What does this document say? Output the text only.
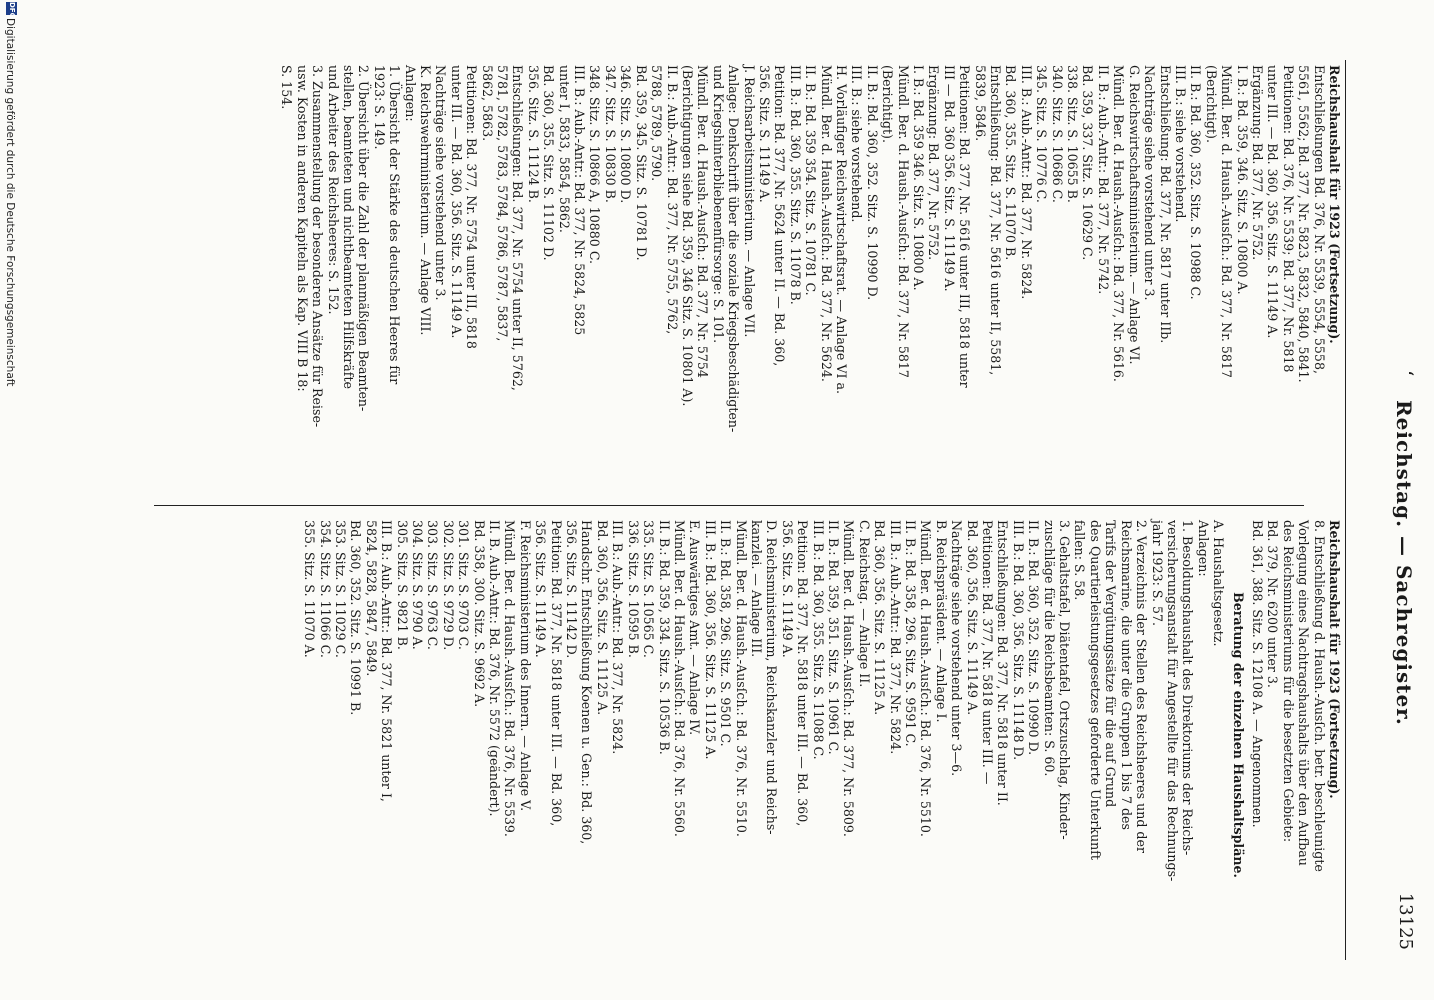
‘
Reichstag. — Sachregister.
13125

Reichshaushalt für 1923 (Fortsetzung).

Entschließungen Bd. 376, Nr. 5539, 5554, 5558,

5561, 5562; Bd. 377, Nr. 5823, 5832, 5840, 5841.

Petitionen: Bd. 376, Nr. 5539; Bd. 377, Nr. 5818

unter III. — Bd. 360, 356. Sitz. S. 11149 A.

Ergänzung: Bd. 377, Nr. 5752.

I. B.: Bd. 359, 346. Sitz. S. 10800 A.

Mündl. Ber. d. Haush.-Ausſch.: Bd. 377, Nr. 5817

(Berichtigt).

II. B.: Bd. 360, 352. Sitz. S. 10988 C.

III. B.: siehe vorstehend.

Entschließung: Bd. 377, Nr. 5817 unter IIb.

Nachträge siehe vorstehend unter 3.

G. Reichswirtschaftsministerium. — Anlage VI.

Mündl. Ber. d. Haush.-Ausſch.: Bd. 377, Nr. 5616.

II. B.: Aub.-Antr.: Bd. 377, Nr. 5742.

Bd. 359, 337. Sitz. S. 10629 C.

338. Sitz. S. 10655 B.

340. Sitz. S. 10686 C.

345. Sitz. S. 10776 C.

III. B.: Aub.-Antr.: Bd. 377, Nr. 5824.

Bd. 360, 355. Sitz. S. 11070 B.

Entschließung: Bd. 377, Nr. 5616 unter II, 5581,

5839, 5846.

Petitionen: Bd. 377, Nr. 5616 unter III, 5818 unter

III — Bd. 360 356. Sitz. S. 11149 A.

Ergänzung: Bd. 377, Nr. 5752.

I. B.: Bd. 359 346. Sitz. S. 10800 A.

Mündl. Ber. d. Haush.-Ausſch.: Bd. 377, Nr. 5817

(Berichtigt).

II. B.: Bd. 360, 352. Sitz. S. 10990 D.

III. B.: siehe vorstehend.

H. Vorläufiger Reichswirtschaftsrat. — Anlage VI a.

Mündl. Ber. d. Haush.-Ausſch.: Bd. 377, Nr. 5624.

II. B.: Bd. 359 354. Sitz. S. 10781 C.

III. B.: Bd. 360, 355. Sitz. S. 11078 B.

Petition: Bd. 377, Nr. 5624 unter II. — Bd. 360,

356. Sitz. S. 11149 A.

J. Reichsarbeitsministerium. — Anlage VII.

Anlage: Denkschrift über die soziale Kriegsbeschädigten-

und Kriegshinterbliebenenfürsorge: S. 101.

Mündl. Ber. d. Haush.-Ausſch.: Bd. 377, Nr. 5754

(Berichtigungen siehe Bd. 359, 346 Sitz. S. 10801 A).

II. B.: Aub.-Antr.: Bd. 377, Nr. 5755, 5762,

5788, 5789, 5790.

Bd. 359, 345. Sitz. S. 10781 D.

346. Sitz. S. 10800 D.

347. Sitz. S. 10830 B.

348. Sitz. S. 10866 A, 10880 C.

III. B.: Aub.-Antr.: Bd. 377, Nr. 5824, 5825

unter I, 5833, 5854, 5862.

Bd. 360, 355. Sitz. S. 11102 D.

356. Sitz. S. 11124 B.

Entschließungen: Bd. 377, Nr. 5754 unter II, 5762,

5781, 5782, 5783, 5784, 5786, 5787, 5837,

5862, 5863.

Petitionen: Bd. 377, Nr. 5754 unter III, 5818

unter III. — Bd. 360, 356. Sitz. S. 11149 A.

Nachträge siehe vorstehend unter 3.

K. Reichswehrministerium. — Anlage VIII.

Anlagen:

1. Übersicht der Stärke des deutschen Heeres für

1923: S. 149.

2. Übersicht über die Zahl der planmäßigen Beamten-

stellen, beamteten und nichtbeamteten Hilfskräfte

und Arbeiter des Reichsheeres: S. 152.

3. Zusammenstellung der besonderen Ansätze für Reise-

usw. Kosten in anderen Kapiteln als Kap. VIII B 18:

S. 154.

Reichshaushalt für 1923 (Fortsetzung).

8. Entschließung d. Haush.-Ausſch. betr. beschleunigte

Vorlegung eines Nachtragshaushalts über den Aufbau

des Reichsministeriums für die besetzten Gebiete:

Bd. 379, Nr. 6200 unter 3.

Bd. 361, 388. Sitz. S. 12108 A. — Angenommen.

Beratung der einzelnen Haushaltspläne.

A. Haushaltsgesetz.

Anlagen:

1. Besoldungshaushalt des Direktoriums der Reichs-

versicherungsanstalt für Angestellte für das Rechnungs-

jahr 1923: S. 57.

2. Verzeichnis der Stellen des Reichsheeres und der

Reichsmarine, die unter die Gruppen 1 bis 7 des

Tarifs der Vergütungssätze für die auf Grund

des Quartierleistungsgesetzes geforderte Unterkunft

fallen: S. 58.

3. Gehaltstafel, Diätentafel, Ortszuschlag, Kinder-

zuschläge für die Reichsbeamten: S. 60.

II. B.: Bd. 360, 352. Sitz. S. 10990 D.

III. B.: Bd. 360, 356. Sitz. S. 11148 D.

Entschließungen: Bd. 377, Nr. 5818 unter II.

Petitionen: Bd. 377, Nr. 5818 unter III. —

Bd. 360, 356. Sitz. S. 11149 A.

Nachträge siehe vorstehend unter 3—6.

B. Reichspräsident. — Anlage I.

Mündl. Ber. d. Haush.-Ausſch.: Bd. 376, Nr. 5510.

II. B.: Bd. 358, 296. Sitz. S. 9591 C.

III. B.: Aub.-Antr.: Bd. 377, Nr. 5824.

Bd. 360, 356. Sitz. S. 11125 A.

C. Reichstag. — Anlage II.

Mündl. Ber. d. Haush.-Ausſch.: Bd. 377, Nr. 5809.

II. B.: Bd. 359, 351. Sitz. S. 10961 C.

III. B.: Bd. 360, 355. Sitz. S. 11088 C.

Petition: Bd. 377, Nr. 5818 unter III. — Bd. 360,

356. Sitz. S. 11149 A.

D. Reichsministerium, Reichskanzler und Reichs-

kanzlei. — Anlage III.

Mündl. Ber. d. Haush.-Ausſch.: Bd. 376, Nr. 5510.

II. B.: Bd. 358, 296. Sitz. S. 9501 C.

III. B.: Bd. 360, 356. Sitz. S. 11125 A.

E. Auswärtiges Amt. — Anlage IV.

Mündl. Ber. d. Haush.-Ausſch.: Bd. 376, Nr. 5560.

II. B.: Bd. 359, 334. Sitz. S. 10536 B.

335. Sitz. S. 10565 C.

336. Sitz. S. 10595 B.

III. B.: Aub.-Antr.: Bd. 377, Nr. 5824.

Bd. 360, 356. Sitz. S. 11125 A.

Handschr. Entschließung Koenen u. Gen.: Bd. 360,

356. Sitz. S. 11142 D.

Petition: Bd. 377, Nr. 5818 unter III. — Bd. 360,

356. Sitz. S. 11149 A.

F. Reichsministerium des Innern. — Anlage V.

Mündl. Ber. d. Haush.-Ausſch.: Bd. 376, Nr. 5539.

II. B. Aub.-Antr.: Bd. 376, Nr. 5572 (geändert).

Bd. 358, 300. Sitz. S. 9692 A.

301. Sitz. S. 9703 C.

302. Sitz. S. 9729 D.

303. Sitz. S. 9763 C.

304. Sitz. S. 9790 A.

305. Sitz. S. 9821 B.

III. B.: Aub.-Antr.: Bd. 377, Nr. 5821 unter I,

5824, 5828, 5847, 5849.

Bd. 360, 352. Sitz. S. 10991 B.

353. Sitz. S. 11029 C.

354. Sitz. S. 11066 C.

355. Sitz. S. 11070 A.

DFG
Digitalisierung gefördert durch die Deutsche Forschungsgemeinschaft
